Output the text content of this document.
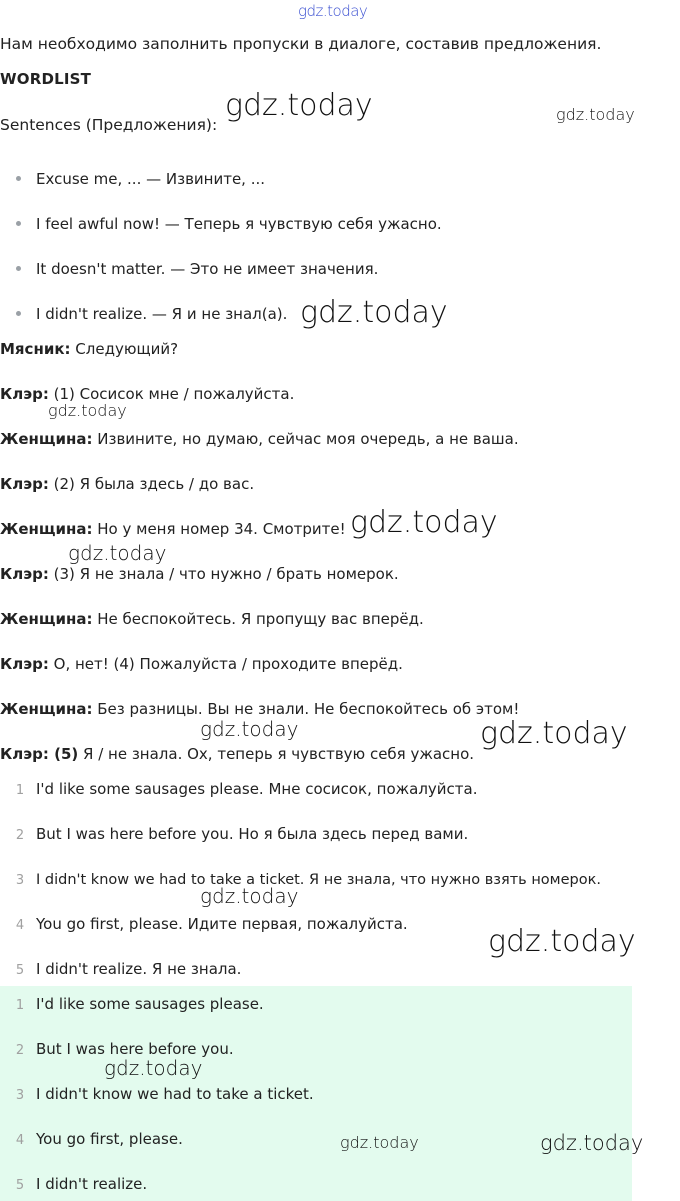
Нам необходимо заполнить пропуски в диалоге, составив предложения.
WORDLIST
Sentences (Предложения):
Excuse me, ... — Извините, ...
I feel awful now! — Теперь я чувствую себя ужасно.
It doesn't matter. — Это не имеет значения.
I didn't realize. — Я и не знал(а).
Мясник: Следующий?
Клэр: (1) Сосисок мне / пожалуйста.
Женщина: Извините, но думаю, сейчас моя очередь, а не ваша.
Клэр: (2) Я была здесь / до вас.
Женщина: Но у меня номер 34. Смотрите!
Клэр: (3) Я не знала / что нужно / брать номерок.
Женщина: Не беспокойтесь. Я пропущу вас вперёд.
Клэр: О, нет! (4) Пожалуйста / проходите вперёд.
Женщина: Без разницы. Вы не знали. Не беспокойтесь об этом!
Клэр: (5) Я / не знала. Ох, теперь я чувствую себя ужасно.
1 I'd like some sausages please. Мне сосисок, пожалуйста.
2 But I was here before you. Но я была здесь перед вами.
3 I didn't know we had to take a ticket. Я не знала, что нужно взять номерок.
4 You go first, please. Идите первая, пожалуйста.
5 I didn't realize. Я не знала.
1 I'd like some sausages please.
2 But I was here before you.
3 I didn't know we had to take a ticket.
4 You go first, please.
5 I didn't realize.
gdz.today
gdz.today	gdz.today
gdz.today
gdz.today
gdz.today
gdz.today
gdz.today	gdz.today
gdz.today
gdz.today
gdz.today
gdz.today	gdz.today
